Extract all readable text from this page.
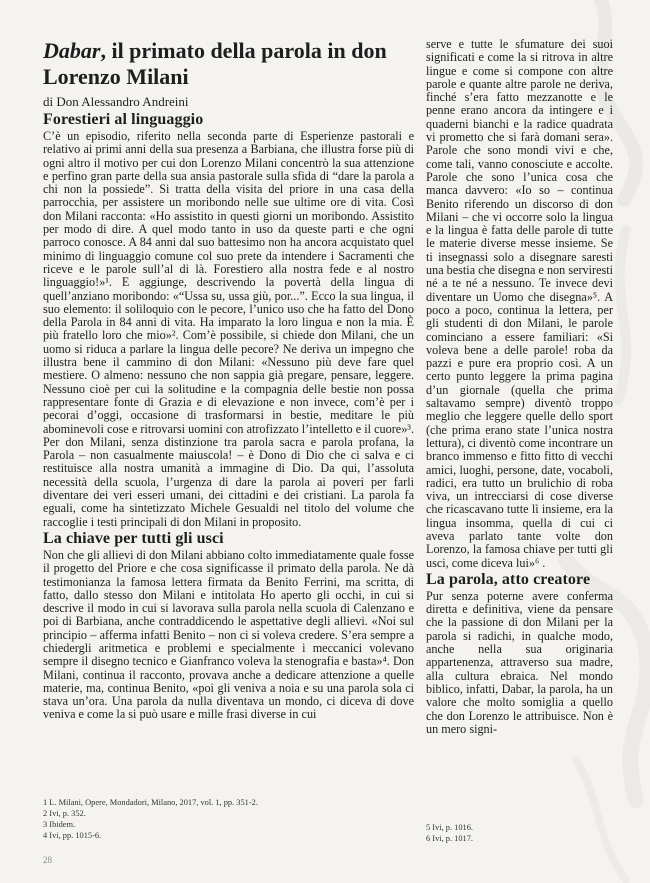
Dabar, il primato della parola in don Lorenzo Milani

di Don Alessandro Andreini

Forestieri al linguaggio

C’è un episodio, riferito nella seconda parte di Esperienze pastorali e relativo ai primi anni della sua presenza a Barbiana, che illustra forse più di ogni altro il motivo per cui don Lorenzo Milani concentrò la sua attenzione e perfino gran parte della sua ansia pastorale sulla sfida di “dare la parola a chi non la possiede”. Si tratta della visita del priore in una casa della parrocchia, per assistere un moribondo nelle sue ultime ore di vita. Così don Milani racconta: «Ho assistito in questi giorni un moribondo. Assistito per modo di dire. A quel modo tanto in uso da queste parti e che ogni parroco conosce. A 84 anni dal suo battesimo non ha ancora acquistato quel minimo di linguaggio comune col suo prete da intendere i Sacramenti che riceve e le parole sull’al di là. Forestiero alla nostra fede e al nostro linguaggio!»¹. E aggiunge, descrivendo la povertà della lingua di quell’anziano moribondo: «“Ussa su, ussa giù, por...”. Ecco la sua lingua, il suo elemento: il soliloquio con le pecore, l’unico uso che ha fatto del Dono della Parola in 84 anni di vita. Ha imparato la loro lingua e non la mia. È più fratello loro che mio»². Com’è possibile, si chiede don Milani, che un uomo si riduca a parlare la lingua delle pecore? Ne deriva un impegno che illustra bene il cammino di don Milani: «Nessuno più deve fare quel mestiere. O almeno: nessuno che non sappia già pregare, pensare, leggere. Nessuno cioè per cui la solitudine e la compagnia delle bestie non possa rappresentare fonte di Grazia e di elevazione e non invece, com’è per i pecorai d’oggi, occasione di trasformarsi in bestie, meditare le più abominevoli cose e ritrovarsi uomini con atrofizzato l’intelletto e il cuore»³. Per don Milani, senza distinzione tra parola sacra e parola profana, la Parola – non casualmente maiuscola! – è Dono di Dio che ci salva e ci restituisce alla nostra umanità a immagine di Dio. Da qui, l’assoluta necessità della scuola, l’urgenza di dare la parola ai poveri per farli diventare dei veri esseri umani, dei cittadini e dei cristiani. La parola fa eguali, come ha sintetizzato Michele Gesualdi nel titolo del volume che raccoglie i testi principali di don Milani in proposito.

La chiave per tutti gli usci

Non che gli allievi di don Milani abbiano colto immediatamente quale fosse il progetto del Priore e che cosa significasse il primato della parola. Ne dà testimonianza la famosa lettera firmata da Benito Ferrini, ma scritta, di fatto, dallo stesso don Milani e intitolata Ho aperto gli occhi, in cui si descrive il modo in cui si lavorava sulla parola nella scuola di Calenzano e poi di Barbiana, anche contraddicendo le aspettative degli allievi. «Noi sul principio – afferma infatti Benito – non ci si voleva credere. S’era sempre a chiedergli aritmetica e problemi e specialmente i meccanici volevano sempre il disegno tecnico e Gianfranco voleva la stenografia e basta»⁴. Don Milani, continua il racconto, provava anche a dedicare attenzione a quelle materie, ma, continua Benito, «poi gli veniva a noia e su una parola sola ci stava un’ora. Una parola da nulla diventava un mondo, ci diceva di dove veniva e come la si può usare e mille frasi diverse in cui

serve e tutte le sfumature dei suoi significati e come la si ritrova in altre lingue e come si compone con altre parole e quante altre parole ne deriva, finché s’era fatto mezzanotte e le penne erano ancora da intingere e i quaderni bianchi e la radice quadrata vi prometto che si farà domani sera». Parole che sono mondi vivi e che, come tali, vanno conosciute e accolte. Parole che sono l’unica cosa che manca davvero: «Io so – continua Benito riferendo un discorso di don Milani – che vi occorre solo la lingua e la lingua è fatta delle parole di tutte le materie diverse messe insieme. Se ti insegnassi solo a disegnare saresti una bestia che disegna e non serviresti né a te né a nessuno. Te invece devi diventare un Uomo che disegna»⁵. A poco a poco, continua la lettera, per gli studenti di don Milani, le parole cominciano a essere familiari: «Si voleva bene a delle parole! roba da pazzi e pure era proprio così. A un certo punto leggere la prima pagina d’un giornale (quella che prima saltavamo sempre) diventò troppo meglio che leggere quelle dello sport (che prima erano state l’unica nostra lettura), ci diventò come incontrare un branco immenso e fitto fitto di vecchi amici, luoghi, persone, date, vocaboli, radici, era tutto un brulichio di roba viva, un intrecciarsi di cose diverse che ricascavano tutte lì insieme, era la lingua insomma, quella di cui ci aveva parlato tante volte don Lorenzo, la famosa chiave per tutti gli usci, come diceva lui»⁶ .

La parola, atto creatore

Pur senza poterne avere conferma diretta e definitiva, viene da pensare che la passione di don Milani per la parola si radichi, in qualche modo, anche nella sua originaria appartenenza, attraverso sua madre, alla cultura ebraica. Nel mondo biblico, infatti, Dabar, la parola, ha un valore che molto somiglia a quello che don Lorenzo le attribuisce. Non è un mero signi-

1 L. Milani, Opere, Mondadori, Milano, 2017, vol. 1, pp. 351-2.

2 Ivi, p. 352.

3 Ibidem.

4 Ivi, pp. 1015-6.

5 Ivi, p. 1016.

6 Ivi, p. 1017.

28
